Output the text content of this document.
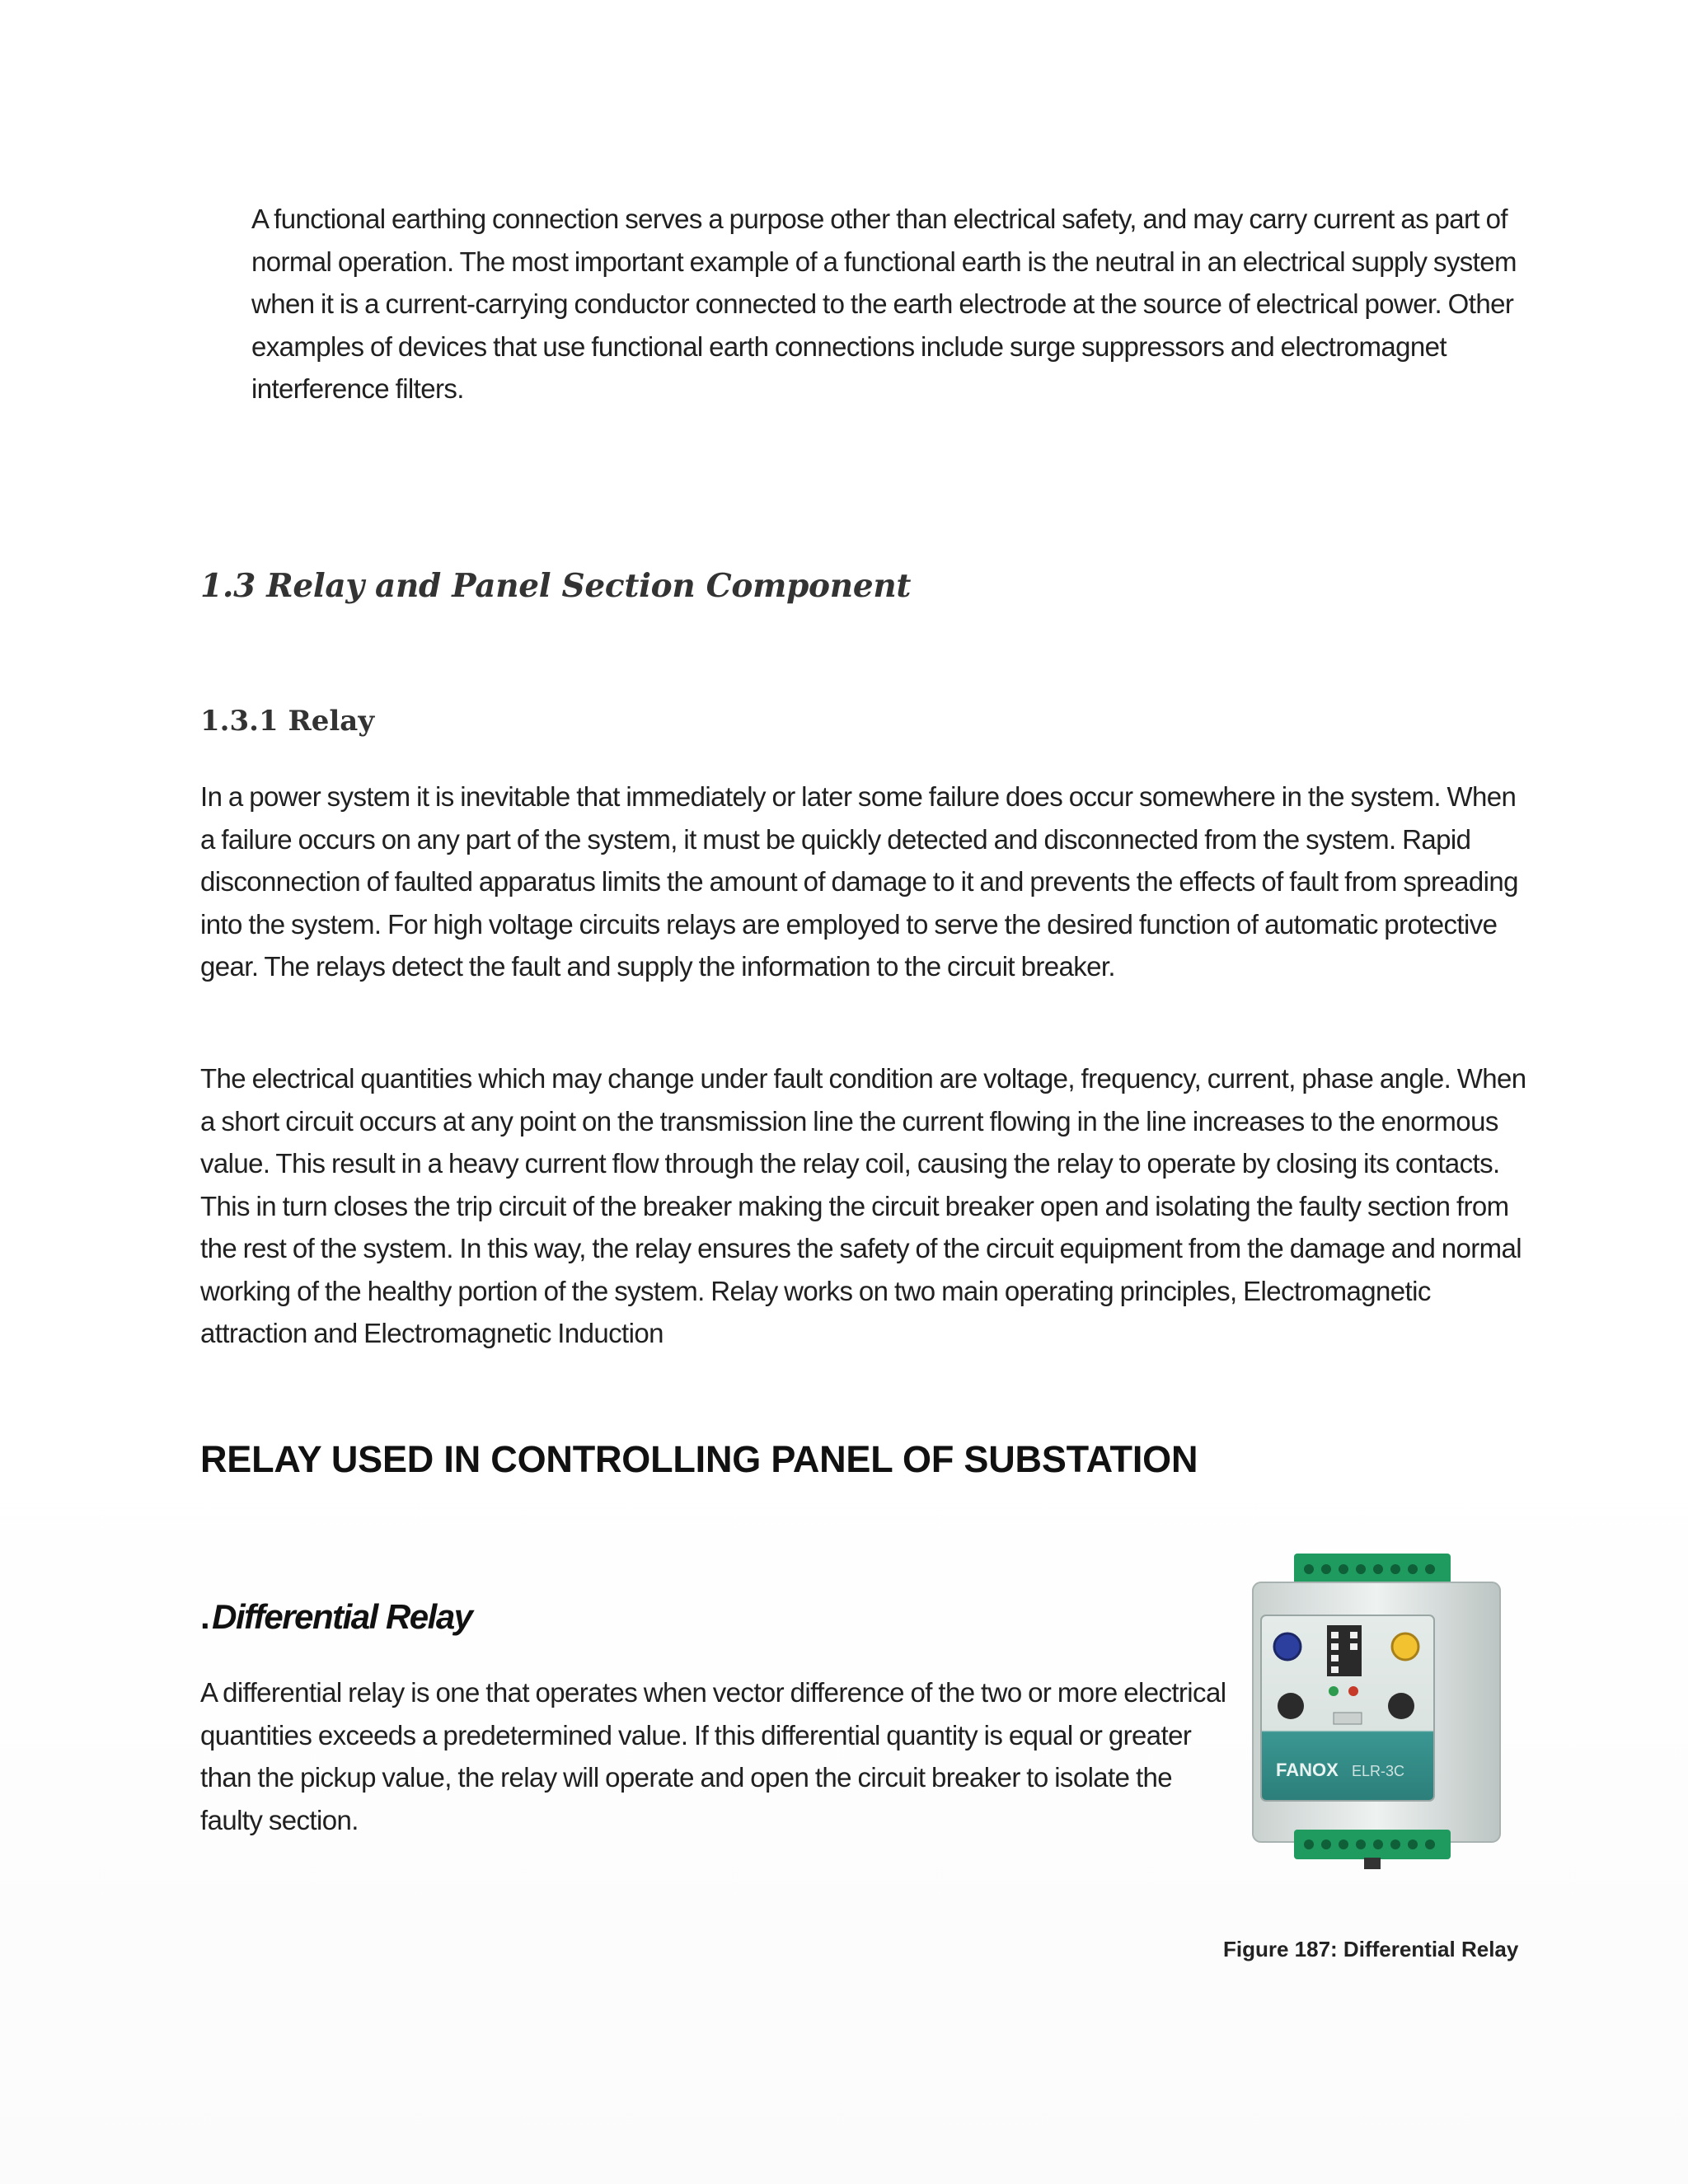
A functional earthing connection serves a purpose other than electrical safety, and may carry current as part of normal operation. The most important example of a functional earth is the neutral in an electrical supply system when it is a current-carrying conductor connected to the earth electrode at the source of electrical power. Other examples of devices that use functional earth connections include surge suppressors and electromagnet interference filters.

1.3 Relay and Panel Section Component
1.3.1 Relay

In a power system it is inevitable that immediately or later some failure does occur somewhere in the system. When a failure occurs on any part of the system, it must be quickly detected and disconnected from the system. Rapid disconnection of faulted apparatus limits the amount of damage to it and prevents the effects of fault from spreading into the system. For high voltage circuits relays are employed to serve the desired function of automatic protective gear. The relays detect the fault and supply the information to the circuit breaker.

The electrical quantities which may change under fault condition are voltage, frequency, current, phase angle. When a short circuit occurs at any point on the transmission line the current flowing in the line increases to the enormous value. This result in a heavy current flow through the relay coil, causing the relay to operate by closing its contacts. This in turn closes the trip circuit of the breaker making the circuit breaker open and isolating the faulty section from the rest of the system. In this way, the relay ensures the safety of the circuit equipment from the damage and normal working of the healthy portion of the system. Relay works on two main operating principles, Electromagnetic attraction and Electromagnetic Induction

RELAY USED IN CONTROLLING PANEL OF SUBSTATION
.Differential Relay

A differential relay is one that operates when vector difference of the two or more electrical quantities exceeds a predetermined value. If this differential quantity is equal or greater than the pickup value, the relay will operate and open the circuit breaker to isolate the faulty section.

FANOX ELR-3C

Figure 187: Differential Relay
